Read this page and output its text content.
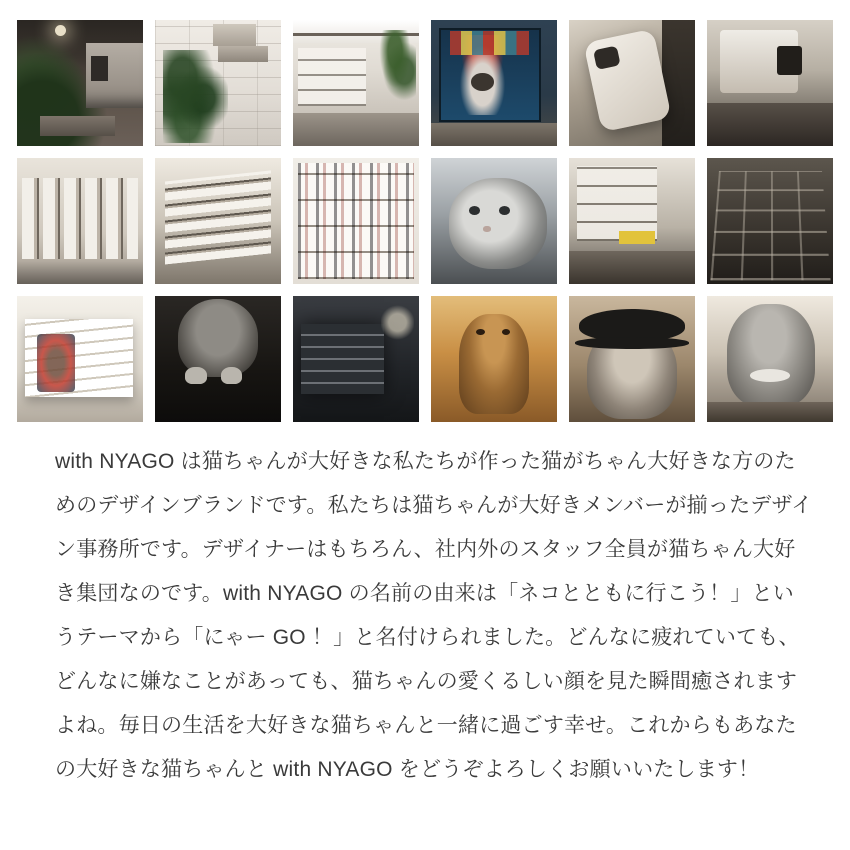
with NYAGO は猫ちゃんが大好きな私たちが作った猫がちゃん大好きな方のためのデザインブランドです。私たちは猫ちゃんが大好きメンバーが揃ったデザイン事務所です。デザイナーはもちろん、社内外のスタッフ全員が猫ちゃん大好き集団なのです。with NYAGO の名前の由来は「ネコとともに行こう！」というテーマから「にゃー GO ！」と名付けられました。どんなに疲れていても、どんなに嫌なことがあっても、猫ちゃんの愛くるしい顔を見た瞬間癒されますよね。毎日の生活を大好きな猫ちゃんと一緒に過ごす幸せ。これからもあなたの大好きな猫ちゃんと with NYAGO をどうぞよろしくお願いいたします！
